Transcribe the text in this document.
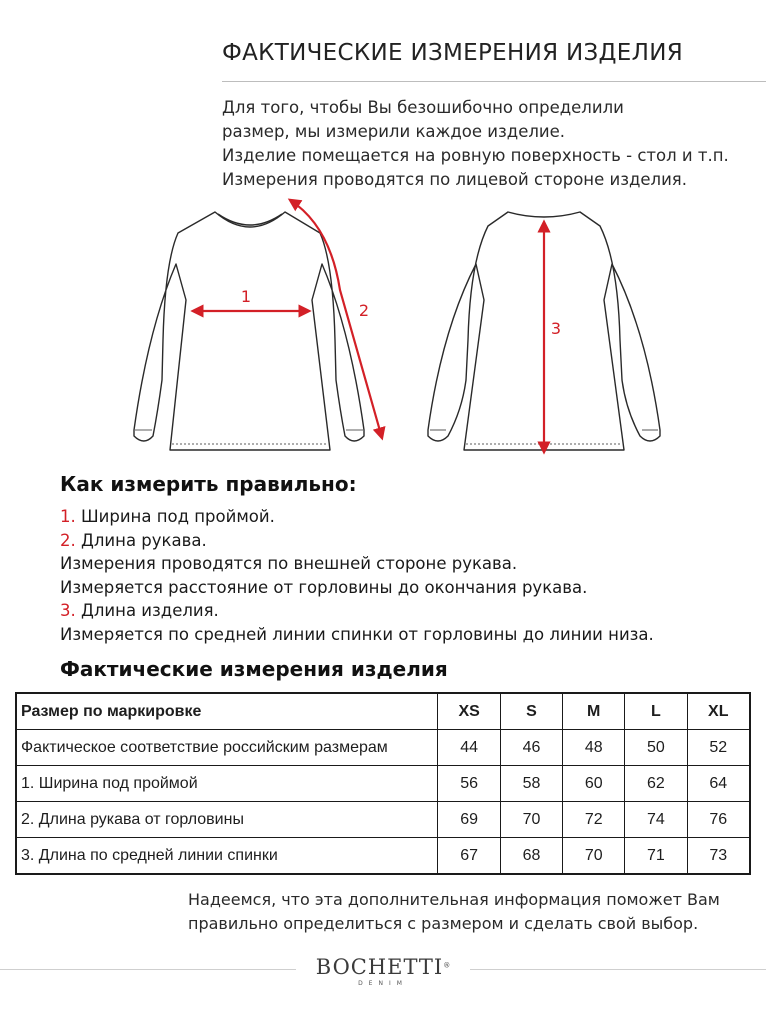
ФАКТИЧЕСКИЕ ИЗМЕРЕНИЯ ИЗДЕЛИЯ
Для того, чтобы Вы безошибочно определили
размер, мы измерили каждое изделие.
Изделие помещается на ровную поверхность - стол и т.п.
Измерения проводятся по лицевой стороне изделия.
1
2
3
Как измерить правильно:
1. Ширина под проймой.
2. Длина рукава.
Измерения проводятся по внешней стороне рукава.
Измеряется расстояние от горловины до окончания рукава.
3. Длина изделия.
Измеряется по средней линии спинки от горловины до линии низа.
Фактические измерения изделия
Размер по маркировке	XS	S	M	L	XL
Фактическое соответствие российским размерам	44	46	48	50	52
1. Ширина под проймой	56	58	60	62	64
2. Длина рукава от горловины	69	70	72	74	76
3. Длина по средней линии спинки	67	68	70	71	73
Надеемся, что эта дополнительная информация поможет Вам
правильно определиться с размером и сделать свой выбор.
BOCHETTI®
DENIM
